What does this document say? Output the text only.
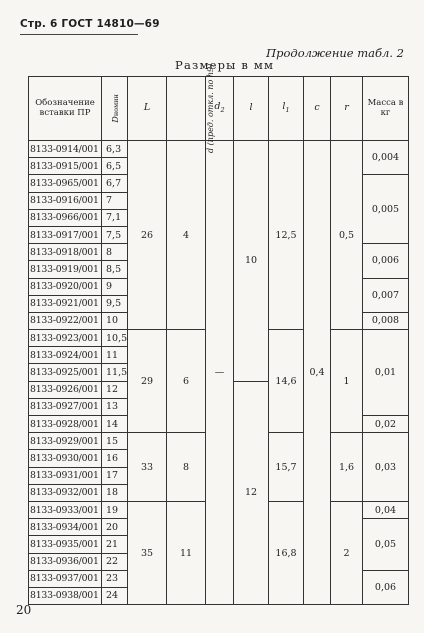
Стр. 6 ГОСТ 14810—69
Продолжение табл. 2
Размеры в мм
Обозначение вставки ПР	Dномин	L	d (пред. откл. по h9)	$d_2$	l	$l_1$	c	r	Масса в кг
8133-0914/001	6,3	26	4	—	10	12,5	0,4	0,5	0,004
8133-0915/001	6,5								
8133-0965/001	6,7								0,005
8133-0916/001	7								
8133-0966/001	7,1								
8133-0917/001	7,5								
8133-0918/001	8								0,006
8133-0919/001	8,5								
8133-0920/001	9								0,007
8133-0921/001	9,5								
8133-0922/001	10								0,008
8133-0923/001	10,5	29	6			14,6		1	0,01
8133-0924/001	11								
8133-0925/001	11,5								
8133-0926/001	12				12				
8133-0927/001	13								
8133-0928/001	14								0,02
8133-0929/001	15	33	8			15,7		1,6	0,03
8133-0930/001	16								
8133-0931/001	17								
8133-0932/001	18								
8133-0933/001	19	35	11			16,8		2	0,04
8133-0934/001	20								0,05
8133-0935/001	21								
8133-0936/001	22								
8133-0937/001	23								0,06
8133-0938/001	24								
20
